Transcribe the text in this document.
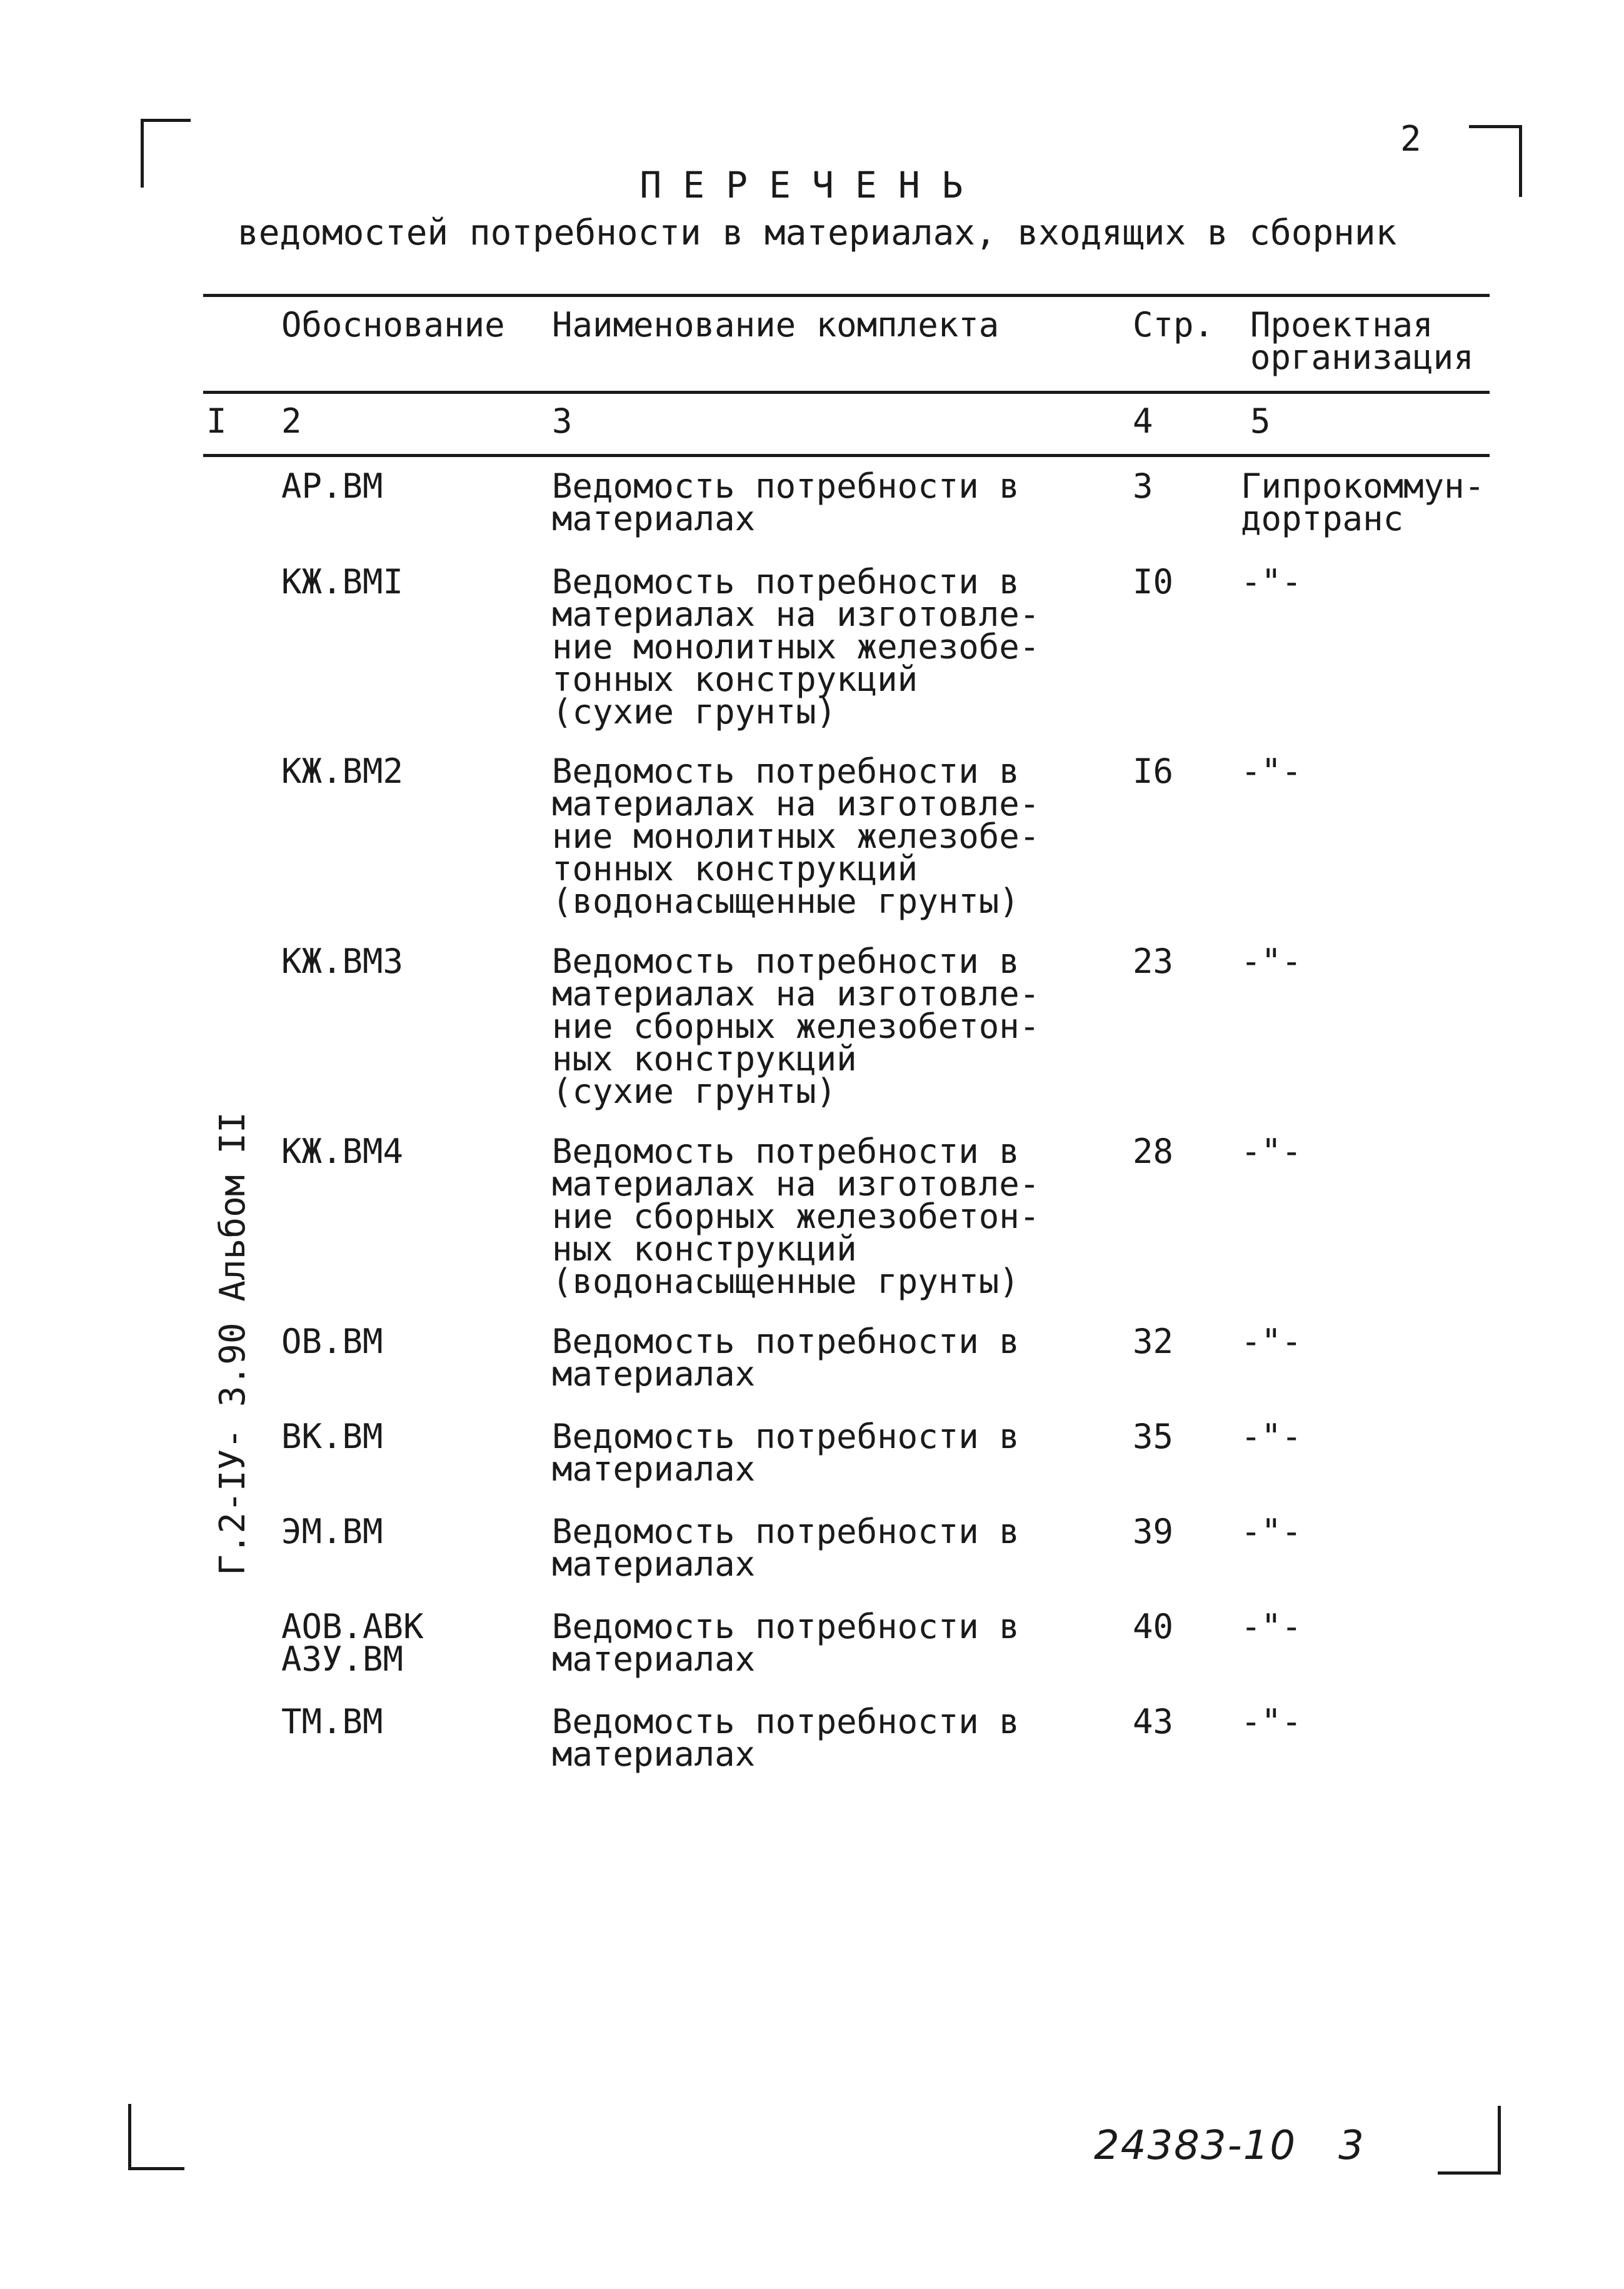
2
ПЕРЕЧЕНЬ
ведомостей потребности в материалах, входящих в сборник
Обоснование Наименование комплекта	Стр. Проектная
организация
I 2	3	4	5
АР.ВМ	Ведомость потребности в
материалах
3	Гипрокоммун-
дортранс
КЖ.ВМI	Ведомость потребности в
материалах на изготовле-
ние монолитных железобе-
тонных конструкций
(сухие грунты)
I0 -"-
КЖ.ВМ2	Ведомость потребности в
материалах на изготовле-
ние монолитных железобе-
тонных конструкций
(водонасыщенные грунты)
I6 -"-
КЖ.ВМ3	Ведомость потребности в
материалах на изготовле-
ние сборных железобетон-
ных конструкций
(сухие грунты)
23 -"-
КЖ.ВМ4	Ведомость потребности в
материалах на изготовле-
ние сборных железобетон-
ных конструкций
(водонасыщенные грунты)
28 -"-
ОВ.ВМ	Ведомость потребности в
материалах
32 -"-
ВК.ВМ	Ведомость потребности в
материалах
35 -"-
ЭМ.ВМ	Ведомость потребности в
материалах
39 -"-
АОВ.АВК
АЗУ.ВМ
Ведомость потребности в
материалах
40 -"-
ТМ.ВМ	Ведомость потребности в
материалах
43 -"-
Г.2-IУ- 3.90 Альбом II
24383-10   3
